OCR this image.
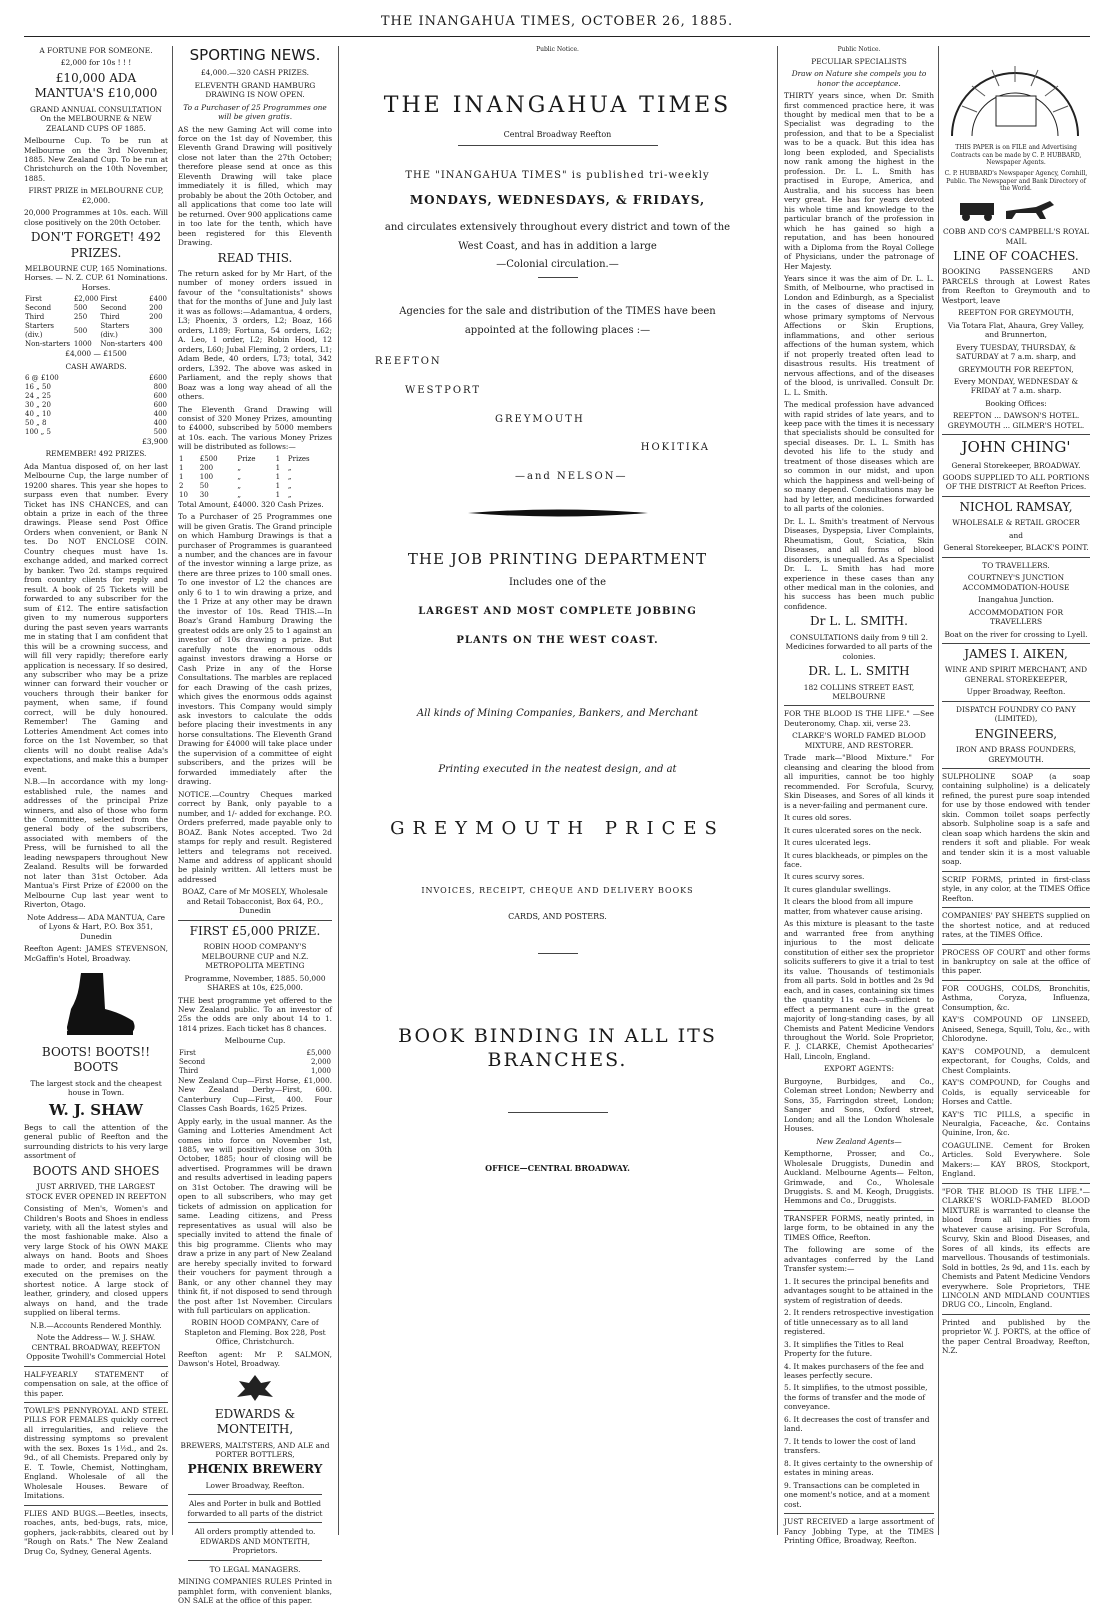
THE INANGAHUA TIMES, OCTOBER 26, 1885.

A FORTUNE FOR SOMEONE.

£2,000 for 10s ! ! !

£10,000 ADA MANTUA'S £10,000

GRAND ANNUAL CONSULTATION On the MELBOURNE & NEW ZEALAND CUPS OF 1885.

Melbourne Cup. To be run at Melbourne on the 3rd November, 1885. New Zealand Cup. To be run at Christchurch on the 10th November, 1885.

FIRST PRIZE in MELBOURNE CUP, £2,000.

20,000 Programmes at 10s. each. Will close positively on the 20th October.

DON'T FORGET! 492 PRIZES.

MELBOURNE CUP, 165 Nominations. Horses. — N. Z. CUP. 61 Nominations. Horses.

First	£2,000	First	£400
Second	500	Second	200
Third	250	Third	200
Starters (div.)	500	Starters (div.)	300
Non-starters	1000	Non-starters	400

£4,000 — £1500

CASH AWARDS.

6 @ £100	£600
16 „ 50	800
24 „ 25	600
30 „ 20	600
40 „ 10	400
50 „ 8	400
100 „ 5	500

£3,900

REMEMBER! 492 PRIZES.

Ada Mantua disposed of, on her last Melbourne Cup, the large number of 19200 shares. This year she hopes to surpass even that number. Every Ticket has INS CHANCES, and can obtain a prize in each of the three drawings. Please send Post Office Orders when convenient, or Bank N tes. Do NOT ENCLOSE COIN. Country cheques must have 1s. exchange added, and marked correct by banker. Two 2d. stamps required from country clients for reply and result. A book of 25 Tickets will be forwarded to any subscriber for the sum of £12. The entire satisfaction given to my numerous supporters during the past seven years warrants me in stating that I am confident that this will be a crowning success, and will fill very rapidly; therefore early application is necessary. If so desired, any subscriber who may be a prize winner can forward their voucher or vouchers through their banker for payment, when same, if found correct, will be duly honoured. Remember! The Gaming and Lotteries Amendment Act comes into force on the 1st November, so that clients will no doubt realise Ada's expectations, and make this a bumper event.

N.B.—In accordance with my long-established rule, the names and addresses of the principal Prize winners, and also of those who form the Committee, selected from the general body of the subscribers, associated with members of the Press, will be furnished to all the leading newspapers throughout New Zealand. Results will be forwarded not later than 31st October. Ada Mantua's First Prize of £2000 on the Melbourne Cup last year went to Riverton, Otago.

Note Address— ADA MANTUA, Care of Lyons & Hart, P.O. Box 351, Dunedin

Reefton Agent: JAMES STEVENSON, McGaffin's Hotel, Broadway.

BOOTS! BOOTS!! BOOTS

The largest stock and the cheapest house in Town.

W. J. SHAW

Begs to call the attention of the general public of Reefton and the surrounding districts to his very large assortment of

BOOTS AND SHOES

JUST ARRIVED, THE LARGEST STOCK EVER OPENED IN REEFTON

Consisting of Men's, Women's and Children's Boots and Shoes in endless variety, with all the latest styles and the most fashionable make. Also a very large Stock of his OWN MAKE always on hand. Boots and Shoes made to order, and repairs neatly executed on the premises on the shortest notice. A large stock of leather, grindery, and closed uppers always on hand, and the trade supplied on liberal terms.

N.B.—Accounts Rendered Monthly.

Note the Address— W. J. SHAW. CENTRAL BROADWAY, REEFTON Opposite Twohill's Commercial Hotel

HALF-YEARLY STATEMENT of compensation on sale, at the office of this paper.

TOWLE'S PENNYROYAL AND STEEL PILLS FOR FEMALES quickly correct all irregularities, and relieve the distressing symptoms so prevalent with the sex. Boxes 1s 1½d., and 2s. 9d., of all Chemists. Prepared only by E. T. Towle, Chemist, Nottingham, England. Wholesale of all the Wholesale Houses. Beware of Imitations.

FLIES AND BUGS.—Beetles, insects, roaches, ants, bed-bugs, rats, mice, gophers, jack-rabbits, cleared out by "Rough on Rats." The New Zealand Drug Co, Sydney, General Agents.

SPORTING NEWS.

£4,000.—320 CASH PRIZES.

ELEVENTH GRAND HAMBURG DRAWING IS NOW OPEN.

To a Purchaser of 25 Programmes one will be given gratis.

AS the new Gaming Act will come into force on the 1st day of November, this Eleventh Grand Drawing will positively close not later than the 27th October; therefore please send at once as this Eleventh Drawing will take place immediately it is filled, which may probably be about the 20th October, and all applications that come too late will be returned. Over 900 applications came in too late for the tenth, which have been registered for this Eleventh Drawing.

READ THIS.

The return asked for by Mr Hart, of the number of money orders issued in favour of the "consultationists" shows that for the months of June and July last it was as follows:—Adamantua, 4 orders, L3; Phoenix, 3 orders, L2; Boaz, 166 orders, L189; Fortuna, 54 orders, L62; A. Leo, 1 order, L2; Robin Hood, 12 orders, L60; Jubal Fleming, 2 orders, L1; Adam Bede, 40 orders, L73; total, 342 orders, L392. The above was asked in Parliament, and the reply shows that Boaz was a long way ahead of all the others.

The Eleventh Grand Drawing will consist of 320 Money Prizes, amounting to £4000, subscribed by 5000 members at 10s. each. The various Money Prizes will be distributed as follows:—

1	£500	Prize	1	Prizes
1	200	„	1	„
1	100	„	1	„
2	50	„	1	„
10	30	„	1	„

Total Amount, £4000. 320 Cash Prizes.

To a Purchaser of 25 Programmes one will be given Gratis. The Grand principle on which Hamburg Drawings is that a purchaser of Programmes is guaranteed a number, and the chances are in favour of the investor winning a large prize, as there are three prizes to 100 small ones. To one investor of L2 the chances are only 6 to 1 to win drawing a prize, and the 1 Prize at any other may be drawn the investor of 10s. Read THIS.—In Boaz's Grand Hamburg Drawing the greatest odds are only 25 to 1 against an investor of 10s drawing a prize. But carefully note the enormous odds against investors drawing a Horse or Cash Prize in any of the Horse Consultations. The marbles are replaced for each Drawing of the cash prizes, which gives the enormous odds against investors. This Company would simply ask investors to calculate the odds before placing their investments in any horse consultations. The Eleventh Grand Drawing for £4000 will take place under the supervision of a committee of eight subscribers, and the prizes will be forwarded immediately after the drawing.

NOTICE.—Country Cheques marked correct by Bank, only payable to a number, and 1/- added for exchange. P.O. Orders preferred, made payable only to BOAZ. Bank Notes accepted. Two 2d stamps for reply and result. Registered letters and telegrams not received. Name and address of applicant should be plainly written. All letters must be addressed

BOAZ, Care of Mr MOSELY, Wholesale and Retail Tobacconist, Box 64, P.O., Dunedin

FIRST £5,000 PRIZE.

ROBIN HOOD COMPANY'S MELBOURNE CUP and N.Z. METROPOLITA MEETING

Programme, November, 1885. 50,000 SHARES at 10s, £25,000.

THE best programme yet offered to the New Zealand public. To an investor of 25s the odds are only about 14 to 1. 1814 prizes. Each ticket has 8 chances.

Melbourne Cup.

First	£5,000
Second	2,000
Third	1,000

New Zealand Cup—First Horse, £1,000. New Zealand Derby—First, 600. Canterbury Cup—First, 400. Four Classes Cash Boards, 1625 Prizes.

Apply early, in the usual manner. As the Gaming and Lotteries Amendment Act comes into force on November 1st, 1885, we will positively close on 30th October, 1885; hour of closing will be advertised. Programmes will be drawn and results advertised in leading papers on 31st October. The drawing will be open to all subscribers, who may get tickets of admission on application for same. Leading citizens, and Press representatives as usual will also be specially invited to attend the finale of this big programme. Clients who may draw a prize in any part of New Zealand are hereby specially invited to forward their vouchers for payment through a Bank, or any other channel they may think fit, if not disposed to send through the post after 1st November. Circulars with full particulars on application.

ROBIN HOOD COMPANY, Care of Stapleton and Fleming. Box 228, Post Office, Christchurch.

Reefton agent: Mr P. SALMON, Dawson's Hotel, Broadway.

EDWARDS & MONTEITH,

BREWERS, MALTSTERS, AND ALE and PORTER BOTTLERS,

PHŒNIX BREWERY

Lower Broadway, Reefton.

Ales and Porter in bulk and Bottled forwarded to all parts of the district

All orders promptly attended to. EDWARDS AND MONTEITH, Proprietors.

TO LEGAL MANAGERS.

MINING COMPANIES RULES Printed in pamphlet form, with convenient blanks, ON SALE at the office of this paper.

Public Notice.

THE INANGAHUA TIMES

Central Broadway Reefton

THE "INANGAHUA TIMES" is published tri-weekly

MONDAYS, WEDNESDAYS, & FRIDAYS,

and circulates extensively throughout every district and town of the West Coast, and has in addition a large

—Colonial circulation.—

Agencies for the sale and distribution of the TIMES have been appointed at the following places :—

REEFTON

WESTPORT

GREYMOUTH

HOKITIKA

—and NELSON—

THE JOB PRINTING DEPARTMENT

Includes one of the

LARGEST AND MOST COMPLETE JOBBING

PLANTS ON THE WEST COAST.

All kinds of Mining Companies, Bankers, and Merchant

Printing executed in the neatest design, and at

GREYMOUTH PRICES

INVOICES, RECEIPT, CHEQUE AND DELIVERY BOOKS

CARDS, AND POSTERS.

BOOK BINDING IN ALL ITS BRANCHES.

OFFICE—CENTRAL BROADWAY.

Public Notice.

PECULIAR SPECIALISTS

Draw on Nature she compels you to honor the acceptance.

THIRTY years since, when Dr. Smith first commenced practice here, it was thought by medical men that to be a Specialist was degrading to the profession, and that to be a Specialist was to be a quack. But this idea has long been exploded, and Specialists now rank among the highest in the profession. Dr. L. L. Smith has practised in Europe, America, and Australia, and his success has been very great. He has for years devoted his whole time and knowledge to the particular branch of the profession in which he has gained so high a reputation, and has been honoured with a Diploma from the Royal College of Physicians, under the patronage of Her Majesty.

Years since it was the aim of Dr. L. L. Smith, of Melbourne, who practised in London and Edinburgh, as a Specialist in the cases of disease and injury, whose primary symptoms of Nervous Affections or Skin Eruptions, inflammations, and other serious affections of the human system, which if not properly treated often lead to disastrous results. His treatment of nervous affections, and of the diseases of the blood, is unrivalled. Consult Dr. L. L. Smith.

The medical profession have advanced with rapid strides of late years, and to keep pace with the times it is necessary that specialists should be consulted for special diseases. Dr. L. L. Smith has devoted his life to the study and treatment of those diseases which are so common in our midst, and upon which the happiness and well-being of so many depend. Consultations may be had by letter, and medicines forwarded to all parts of the colonies.

Dr. L. L. Smith's treatment of Nervous Diseases, Dyspepsia, Liver Complaints, Rheumatism, Gout, Sciatica, Skin Diseases, and all forms of blood disorders, is unequalled. As a Specialist Dr. L. L. Smith has had more experience in these cases than any other medical man in the colonies, and his success has been much public confidence.

Dr L. L. SMITH.

CONSULTATIONS daily from 9 till 2. Medicines forwarded to all parts of the colonies.

DR. L. L. SMITH

182 COLLINS STREET EAST, MELBOURNE

FOR THE BLOOD IS THE LIFE." —See Deuteronomy, Chap. xii, verse 23.

CLARKE'S WORLD FAMED BLOOD MIXTURE, AND RESTORER.

Trade mark—"Blood Mixture." For cleansing and clearing the blood from all impurities, cannot be too highly recommended. For Scrofula, Scurvy, Skin Diseases, and Sores of all kinds it is a never-failing and permanent cure.

It cures old sores.

It cures ulcerated sores on the neck.

It cures ulcerated legs.

It cures blackheads, or pimples on the face.

It cures scurvy sores.

It cures glandular swellings.

It clears the blood from all impure matter, from whatever cause arising.

As this mixture is pleasant to the taste and warranted free from anything injurious to the most delicate constitution of either sex the proprietor solicits sufferers to give it a trial to test its value. Thousands of testimonials from all parts. Sold in bottles and 2s 9d each, and in cases, containing six times the quantity 11s each—sufficient to effect a permanent cure in the great majority of long-standing cases, by all Chemists and Patent Medicine Vendors throughout the World. Sole Proprietor, F. J. CLARKE, Chemist Apothecaries' Hall, Lincoln, England.

EXPORT AGENTS:

Burgoyne, Burbidges, and Co., Coleman street London; Newberry and Sons, 35, Farringdon street, London; Sanger and Sons, Oxford street, London; and all the London Wholesale Houses.

New Zealand Agents—

Kempthorne, Prosser, and Co., Wholesale Druggists, Dunedin and Auckland. Melbourne Agents— Felton, Grimwade, and Co., Wholesale Druggists. S. and M. Keogh, Druggists. Hemmons and Co., Druggists.

TRANSFER FORMS, neatly printed, in large form, to be obtained in any the TIMES Office, Reefton.

The following are some of the advantages conferred by the Land Transfer system:—

1. It secures the principal benefits and advantages sought to be attained in the system of registration of deeds.

2. It renders retrospective investigation of title unnecessary as to all land registered.

3. It simplifies the Titles to Real Property for the future.

4. It makes purchasers of the fee and leases perfectly secure.

5. It simplifies, to the utmost possible, the forms of transfer and the mode of conveyance.

6. It decreases the cost of transfer and land.

7. It tends to lower the cost of land transfers.

8. It gives certainty to the ownership of estates in mining areas.

9. Transactions can be completed in one moment's notice, and at a moment cost.

JUST RECEIVED a large assortment of Fancy Jobbing Type, at the TIMES Printing Office, Broadway, Reefton.

THIS PAPER is on FILE and Advertising Contracts can be made by C. P. HUBBARD, Newspaper Agents.

C. P. HUBBARD's Newspaper Agency, Cornhill, Public. The Newspaper and Bank Directory of the World.

COBB AND CO'S CAMPBELL'S ROYAL MAIL

LINE OF COACHES.

BOOKING PASSENGERS AND PARCELS through at Lowest Rates from Reefton to Greymouth and to Westport, leave

REEFTON FOR GREYMOUTH,

Via Totara Flat, Ahaura, Grey Valley, and Brunnerton,

Every TUESDAY, THURSDAY, & SATURDAY at 7 a.m. sharp, and

GREYMOUTH FOR REEFTON,

Every MONDAY, WEDNESDAY & FRIDAY at 7 a.m. sharp.

Booking Offices:

REEFTON ... DAWSON'S HOTEL. GREYMOUTH ... GILMER'S HOTEL.

JOHN CHING'

General Storekeeper, BROADWAY.

GOODS SUPPLIED TO ALL PORTIONS OF THE DISTRICT At Reefton Prices.

NICHOL RAMSAY,

WHOLESALE & RETAIL GROCER

and

General Storekeeper, BLACK'S POINT.

TO TRAVELLERS.

COURTNEY'S JUNCTION ACCOMMODATION-HOUSE

Inangahua Junction.

ACCOMMODATION FOR TRAVELLERS

Boat on the river for crossing to Lyell.

JAMES I. AIKEN,

WINE AND SPIRIT MERCHANT, AND GENERAL STOREKEEPER,

Upper Broadway, Reefton.

DISPATCH FOUNDRY CO PANY (LIMITED),

ENGINEERS,

IRON AND BRASS FOUNDERS, GREYMOUTH.

SULPHOLINE SOAP (a soap containing sulpholine) is a delicately refined, the purest pure soap intended for use by those endowed with tender skin. Common toilet soaps perfectly absorb. Sulpholine soap is a safe and clean soap which hardens the skin and renders it soft and pliable. For weak and tender skin it is a most valuable soap.

SCRIP FORMS, printed in first-class style, in any color, at the TIMES Office Reefton.

COMPANIES' PAY SHEETS supplied on the shortest notice, and at reduced rates, at the TIMES Office.

PROCESS OF COURT and other forms in bankruptcy on sale at the office of this paper.

FOR COUGHS, COLDS, Bronchitis, Asthma, Coryza, Influenza, Consumption, &c.

KAY'S COMPOUND OF LINSEED, Aniseed, Senega, Squill, Tolu, &c., with Chlorodyne.

KAY'S COMPOUND, a demulcent expectorant, for Coughs, Colds, and Chest Complaints.

KAY'S COMPOUND, for Coughs and Colds, is equally serviceable for Horses and Cattle.

KAY'S TIC PILLS, a specific in Neuralgia, Faceache, &c. Contains Quinine, Iron, &c.

COAGULINE. Cement for Broken Articles. Sold Everywhere. Sole Makers:— KAY BROS, Stockport, England.

"FOR THE BLOOD IS THE LIFE."— CLARKE'S WORLD-FAMED BLOOD MIXTURE is warranted to cleanse the blood from all impurities from whatever cause arising. For Scrofula, Scurvy, Skin and Blood Diseases, and Sores of all kinds, its effects are marvellous. Thousands of testimonials. Sold in bottles, 2s 9d, and 11s. each by Chemists and Patent Medicine Vendors everywhere. Sole Proprietors, THE LINCOLN AND MIDLAND COUNTIES DRUG CO., Lincoln, England.

Printed and published by the proprietor W. J. PORTS, at the office of the paper Central Broadway, Reefton, N.Z.
